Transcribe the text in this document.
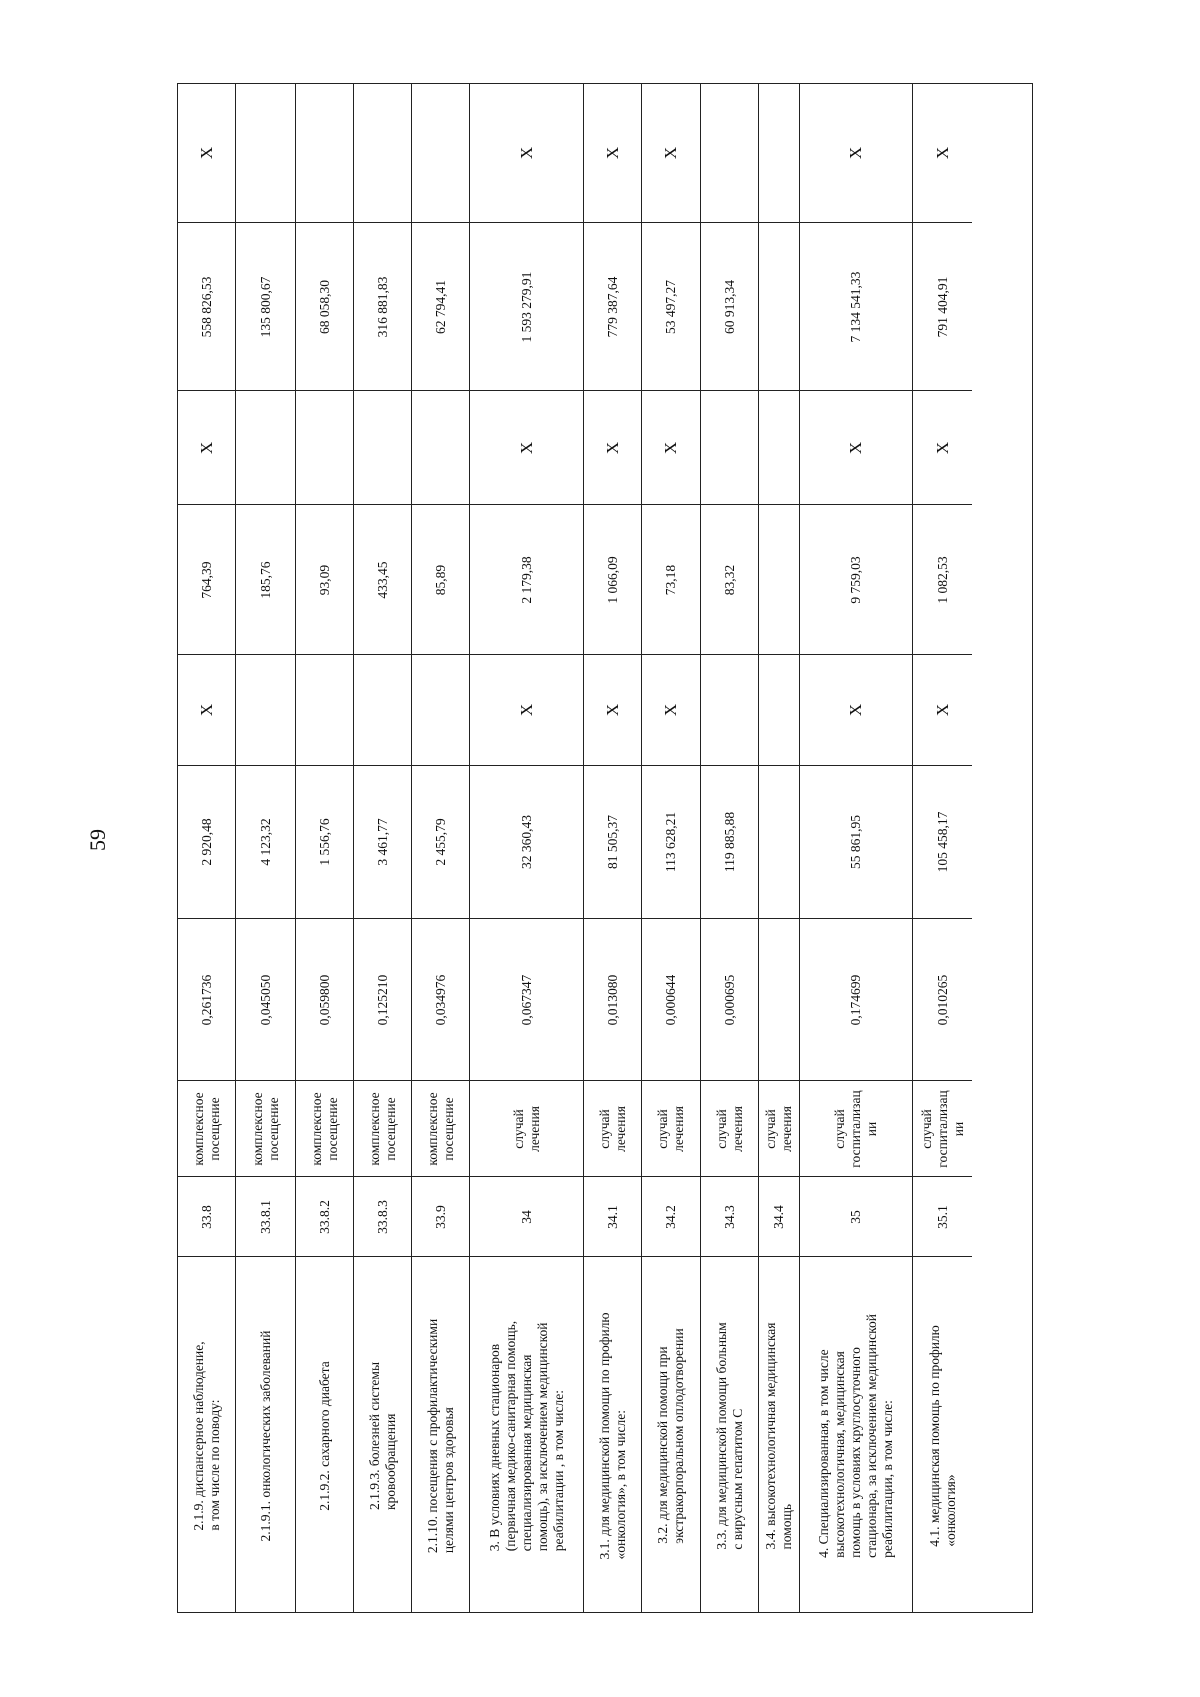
59
X
558 826,53
X
764,39
X
2 920,48
0,261736
комплексное посещение
33.8
2.1.9. диспансерное наблюдение, в том числе по поводу:
135 800,67
185,76
4 123,32
0,045050
комплексное посещение
33.8.1
2.1.9.1. онкологических заболеваний
68 058,30
93,09
1 556,76
0,059800
комплексное посещение
33.8.2
2.1.9.2. сахарного диабета
316 881,83
433,45
3 461,77
0,125210
комплексное посещение
33.8.3
2.1.9.3. болезней системы кровообращения
62 794,41
85,89
2 455,79
0,034976
комплексное посещение
33.9
2.1.10. посещения с профилактическими целями центров здоровья
X
1 593 279,91
X
2 179,38
X
32 360,43
0,067347
случай лечения
34
3. В условиях дневных стационаров (первичная медико-санитарная помощь, специализированная медицинская помощь), за исключением медицинской реабилитации , в том числе:
X
779 387,64
X
1 066,09
X
81 505,37
0,013080
случай лечения
34.1
3.1. для медицинской помощи по профилю «онкология», в том числе:
X
53 497,27
X
73,18
X
113 628,21
0,000644
случай лечения
34.2
3.2. для медицинской помощи при экстракорпоральном оплодотворении
60 913,34
83,32
119 885,88
0,000695
случай лечения
34.3
3.3. для медицинской помощи больным с вирусным гепатитом С
случай лечения
34.4
3.4. высокотехнологичная медицинская помощь
X
7 134 541,33
X
9 759,03
X
55 861,95
0,174699
случай госпитализац ии
35
4. Специализированная, в том числе высокотехнологичная, медицинская помощь в условиях круглосуточного стационара, за исключением медицинской реабилитации, в том числе:
X
791 404,91
X
1 082,53
X
105 458,17
0,010265
случай госпитализац ии
35.1
4.1. медицинская помощь по профилю «онкология»
